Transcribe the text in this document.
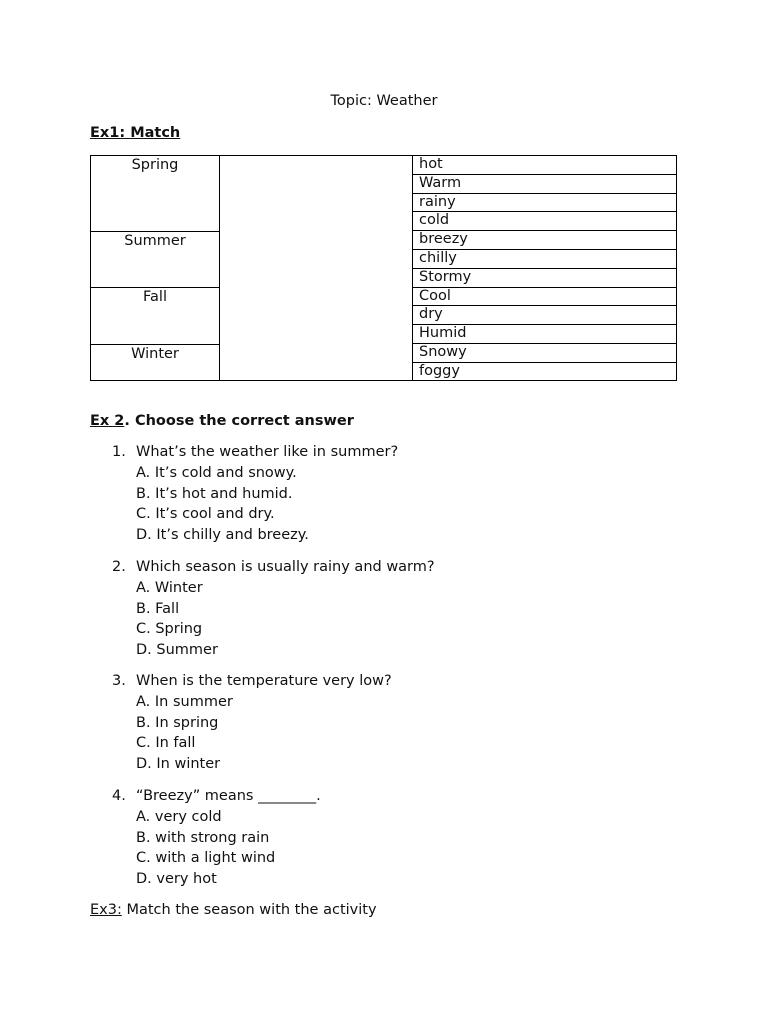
Topic: Weather
Ex1: Match
Spring
Summer
Fall
Winter
hot
Warm
rainy
cold
breezy
chilly
Stormy
Cool
dry
Humid
Snowy
foggy
Ex 2. Choose the correct answer
1. What’s the weather like in summer?
A. It’s cold and snowy.
B. It’s hot and humid.
C. It’s cool and dry.
D. It’s chilly and breezy.
2. Which season is usually rainy and warm?
A. Winter
B. Fall
C. Spring
D. Summer
3. When is the temperature very low?
A. In summer
B. In spring
C. In fall
D. In winter
4. “Breezy” means ________.
A. very cold
B. with strong rain
C. with a light wind
D. very hot
Ex3: Match the season with the activity
